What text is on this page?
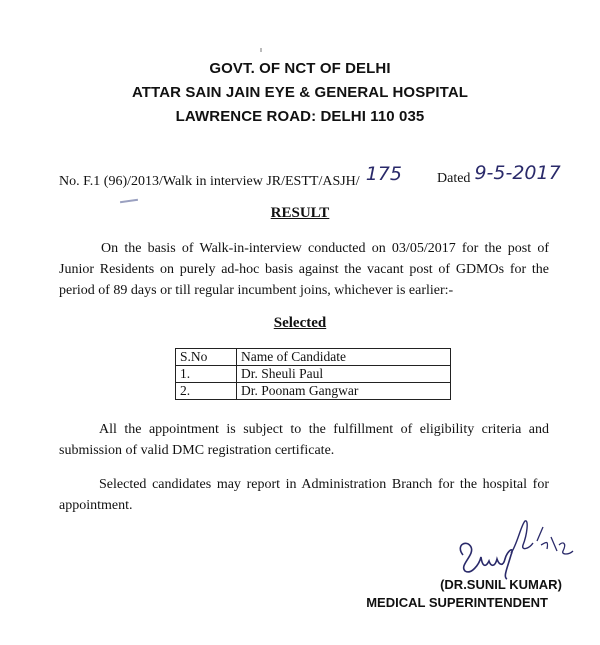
GOVT. OF NCT OF DELHI
ATTAR SAIN JAIN EYE & GENERAL HOSPITAL
LAWRENCE ROAD: DELHI 110 035
No. F.1 (96)/2013/Walk in interview JR/ESTT/ASJH/ 175	Dated 9-5-2017
RESULT
On the basis of Walk-in-interview conducted on 03/05/2017 for the post of Junior Residents on purely ad-hoc basis against the vacant post of GDMOs for the period of 89 days or till regular incumbent joins, whichever is earlier:-
Selected
S.No	Name of Candidate
1.	Dr. Sheuli Paul
2.	Dr. Poonam Gangwar
All the appointment is subject to the fulfillment of eligibility criteria and submission of valid DMC registration certificate.
Selected candidates may report in Administration Branch for the hospital for appointment.
(DR.SUNIL KUMAR)
MEDICAL SUPERINTENDENT
